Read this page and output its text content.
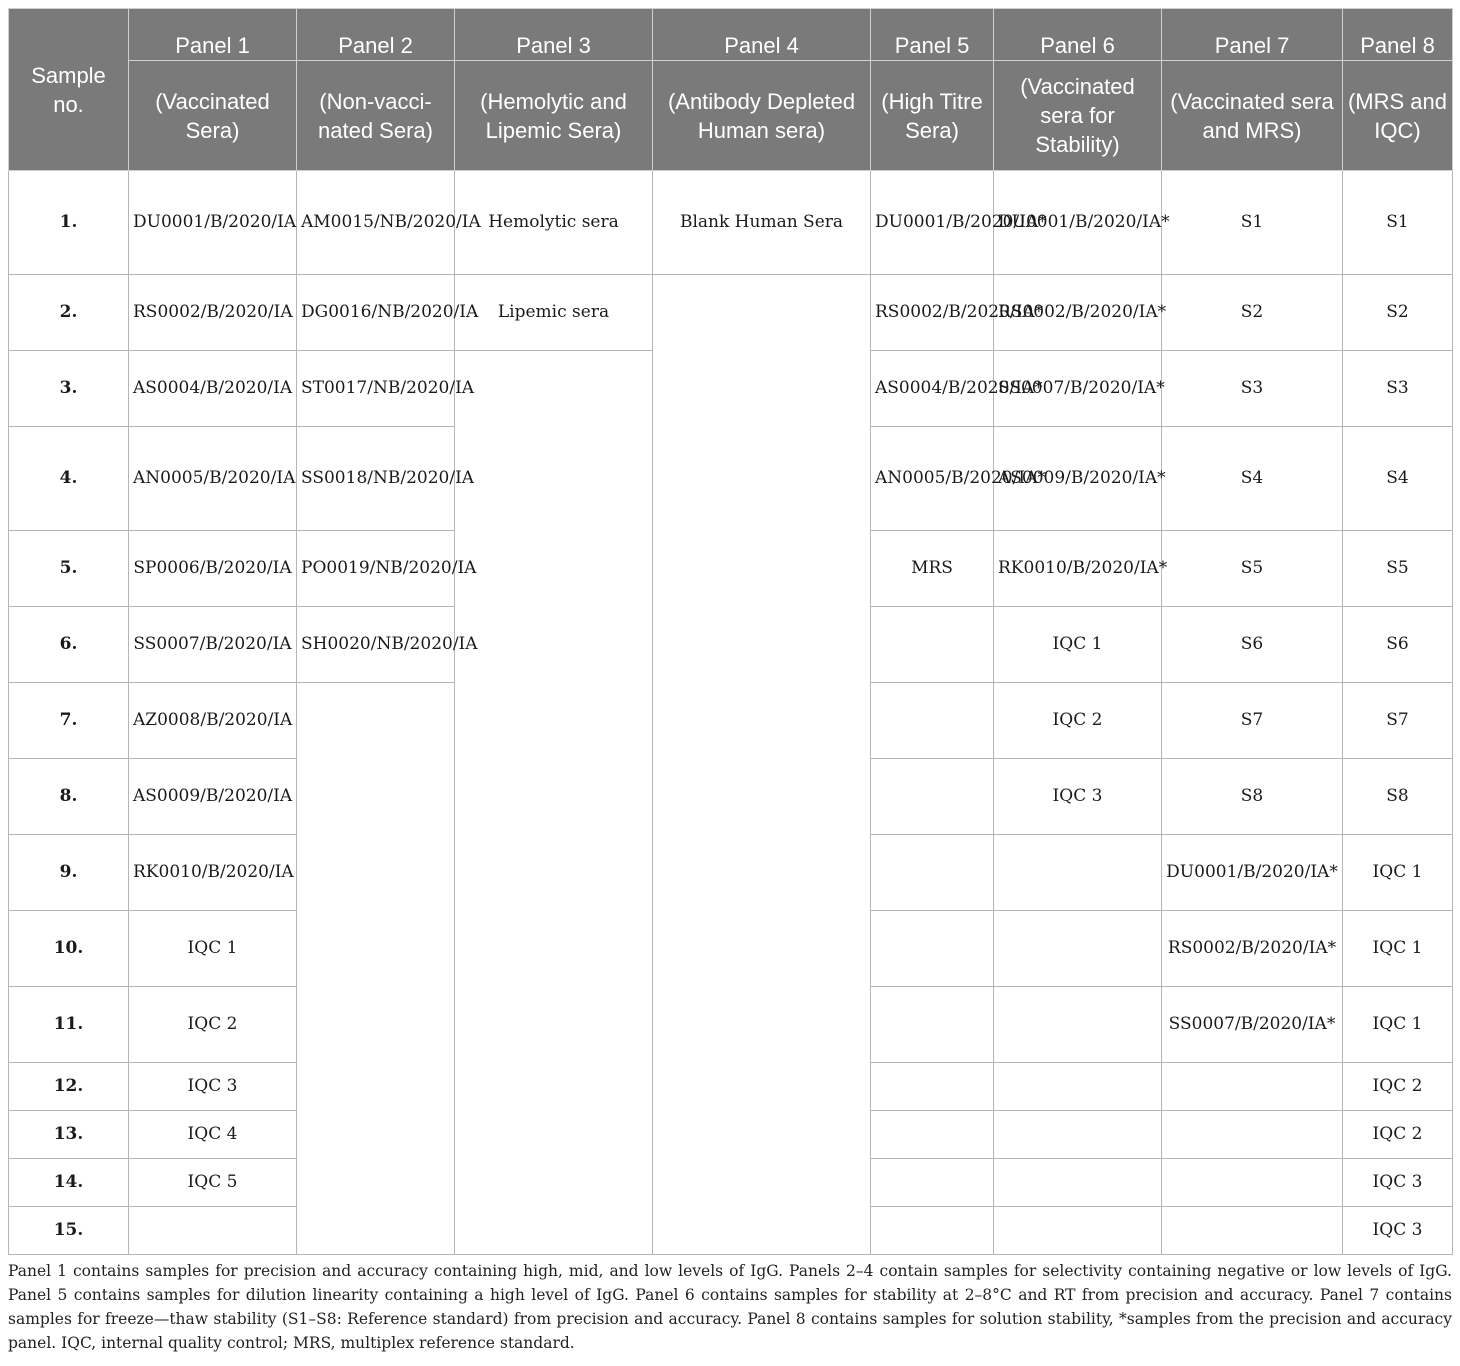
Sample no.	Panel 1	Panel 2	Panel 3	Panel 4	Panel 5	Panel 6	Panel 7	Panel 8
	(Vaccinated Sera)	(Non-vacci-nated Sera)	(Hemolytic and Lipemic Sera)	(Antibody Depleted Human sera)	(High Titre Sera)	(Vaccinated sera for Stability)	(Vaccinated sera and MRS)	(MRS and IQC)
1.	DU0001/B/2020/IA	AM0015/NB/2020/IA	Hemolytic sera	Blank Human Sera	DU0001/B/2020/IA*	DU0001/B/2020/IA*	S1	S1
2.	RS0002/B/2020/IA	DG0016/NB/2020/IA	Lipemic sera		RS0002/B/2020/IA*	RS0002/B/2020/IA*	S2	S2
3.	AS0004/B/2020/IA	ST0017/NB/2020/IA			AS0004/B/2020/IA*	SS0007/B/2020/IA*	S3	S3
4.	AN0005/B/2020/IA	SS0018/NB/2020/IA			AN0005/B/2020/IA*	AS0009/B/2020/IA*	S4	S4
5.	SP0006/B/2020/IA	PO0019/NB/2020/IA			MRS	RK0010/B/2020/IA*	S5	S5
6.	SS0007/B/2020/IA	SH0020/NB/2020/IA				IQC 1	S6	S6
7.	AZ0008/B/2020/IA					IQC 2	S7	S7
8.	AS0009/B/2020/IA					IQC 3	S8	S8
9.	RK0010/B/2020/IA						DU0001/B/2020/IA*	IQC 1
10.	IQC 1						RS0002/B/2020/IA*	IQC 1
11.	IQC 2						SS0007/B/2020/IA*	IQC 1
12.	IQC 3							IQC 2
13.	IQC 4							IQC 2
14.	IQC 5							IQC 3
15.								IQC 3
Panel 1 contains samples for precision and accuracy containing high, mid, and low levels of IgG. Panels 2–4 contain samples for selectivity containing negative or low levels of IgG. Panel 5 contains samples for dilution linearity containing a high level of IgG. Panel 6 contains samples for stability at 2–8°C and RT from precision and accuracy. Panel 7 contains samples for freeze—thaw stability (S1–S8: Reference standard) from precision and accuracy. Panel 8 contains samples for solution stability, *samples from the precision and accuracy panel. IQC, internal quality control; MRS, multiplex reference standard.
